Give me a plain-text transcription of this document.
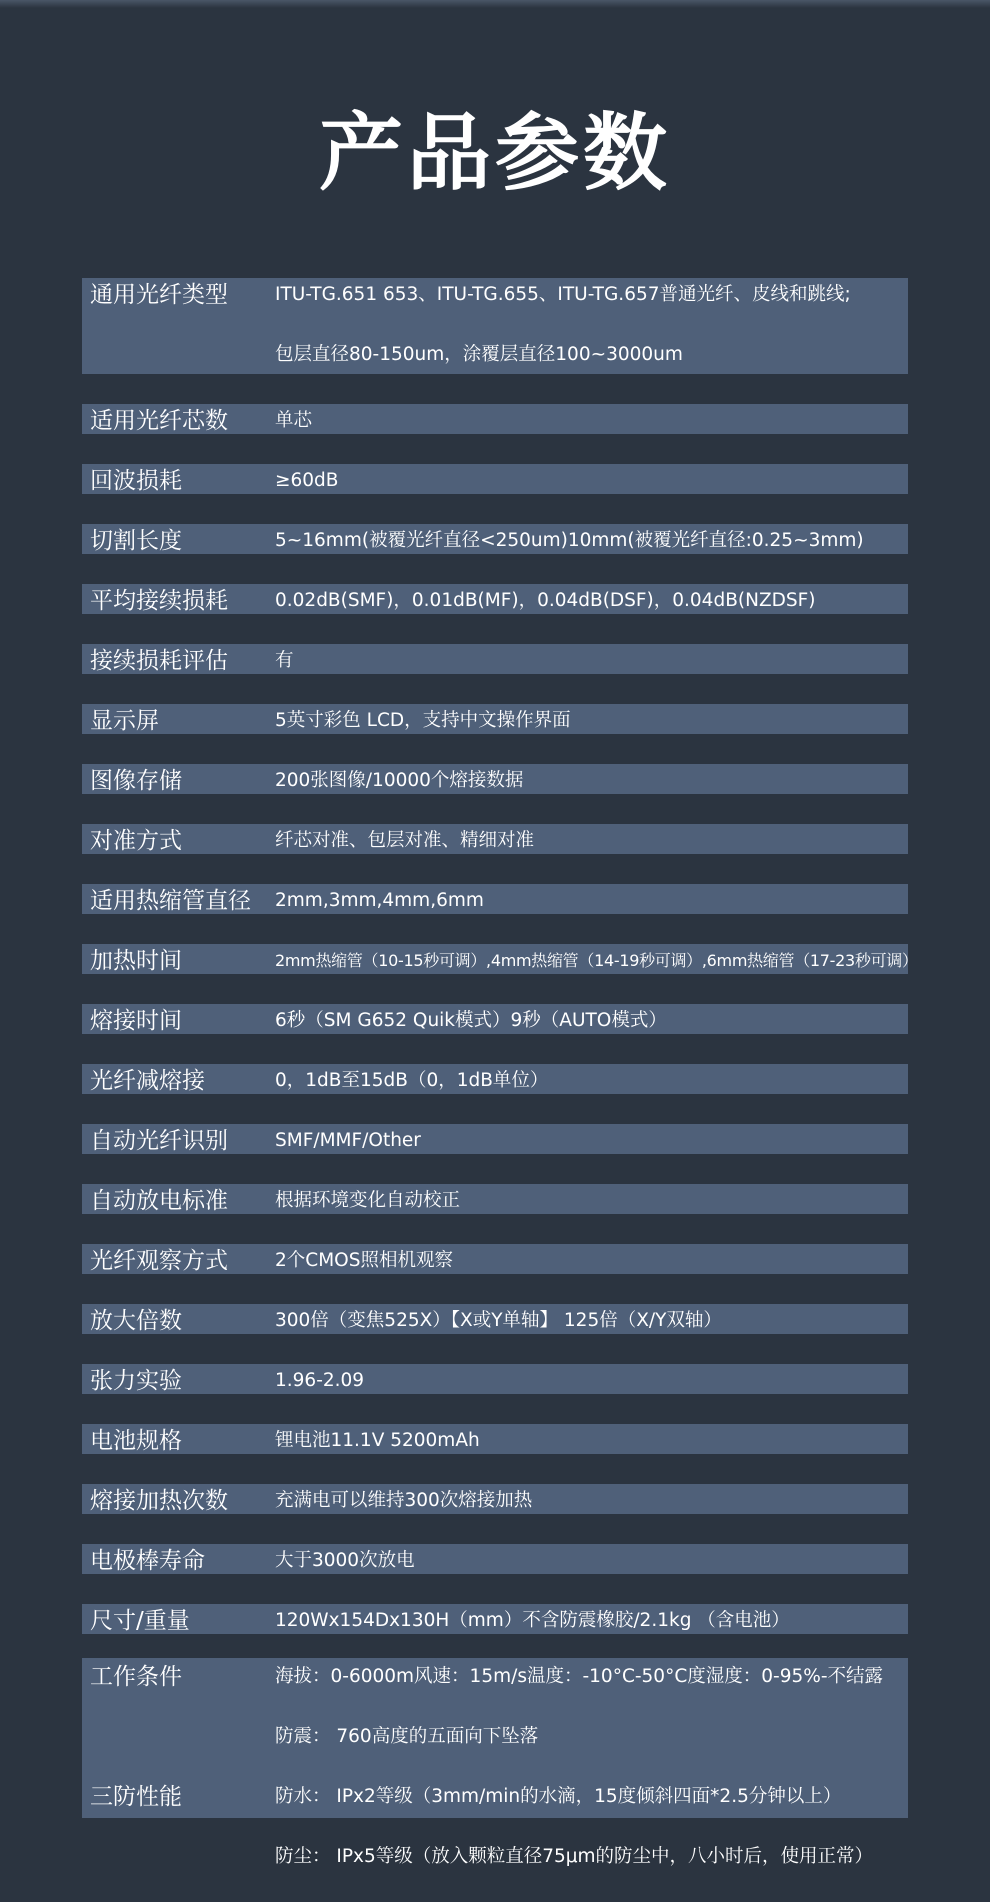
产品参数
通用光纤类型	ITU-TG.651 653、ITU-TG.655、ITU-TG.657普通光纤、皮线和跳线;
包层直径80-150um，涂覆层直径100~3000um
适用光纤芯数	单芯
回波损耗	≥60dB
切割长度	5~16mm(被覆光纤直径<250um)10mm(被覆光纤直径:0.25~3mm)
平均接续损耗	0.02dB(SMF)，0.01dB(MF)，0.04dB(DSF)，0.04dB(NZDSF)
接续损耗评估	有
显示屏	5英寸彩色 LCD，支持中文操作界面
图像存储	200张图像/10000个熔接数据
对准方式	纤芯对准、包层对准、精细对准
适用热缩管直径 2mm,3mm,4mm,6mm
加热时间	2mm热缩管（10-15秒可调）,4mm热缩管（14-19秒可调）,6mm热缩管（17-23秒可调）
熔接时间	6秒（SM G652 Quik模式）9秒（AUTO模式）
光纤减熔接	0，1dB至15dB（0，1dB单位）
自动光纤识别	SMF/MMF/Other
自动放电标准	根据环境变化自动校正
光纤观察方式	2个CMOS照相机观察
放大倍数	300倍（变焦525X）【X或Y单轴】 125倍（X/Y双轴）
张力实验	1.96-2.09
电池规格	锂电池11.1V 5200mAh
熔接加热次数	充满电可以维持300次熔接加热
电极棒寿命	大于3000次放电
尺寸/重量	120Wx154Dx130H（mm）不含防震橡胶/2.1kg （含电池）
工作条件	海拔：0-6000m风速：15m/s温度：-10°C-50°C度湿度：0-95%-不结露
防震： 760高度的五面向下坠落
三防性能	防水： IPx2等级（3mm/min的水滴，15度倾斜四面*2.5分钟以上）
防尘： IPx5等级（放入颗粒直径75μm的防尘中，八小时后，使用正常）
